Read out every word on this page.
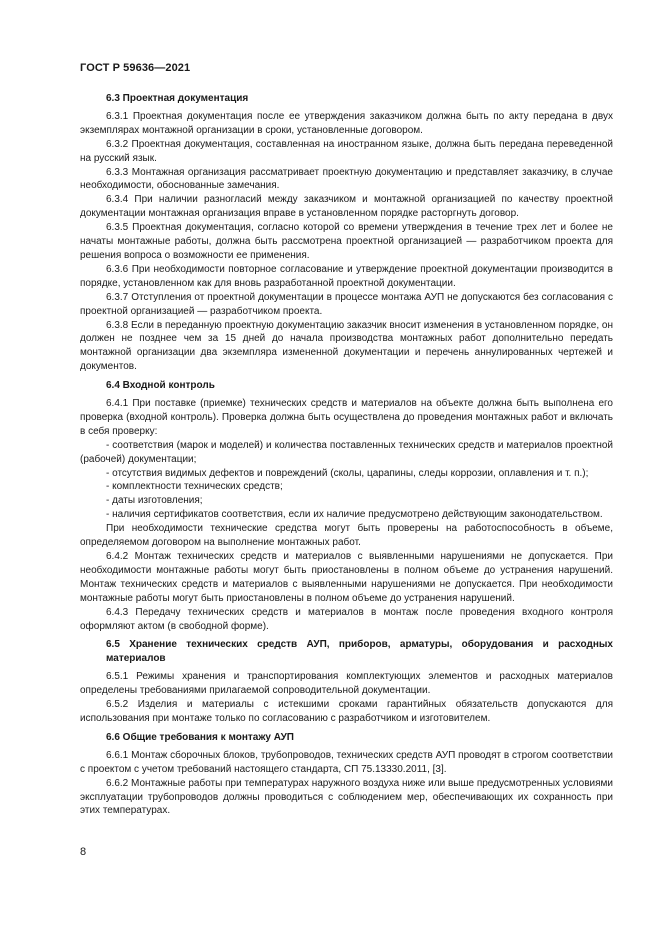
ГОСТ Р 59636—2021

6.3 Проектная документация

6.3.1 Проектная документация после ее утверждения заказчиком должна быть по акту передана в двух экземплярах монтажной организации в сроки, установленные договором.

6.3.2 Проектная документация, составленная на иностранном языке, должна быть передана переведенной на русский язык.

6.3.3 Монтажная организация рассматривает проектную документацию и представляет заказчику, в случае необходимости, обоснованные замечания.

6.3.4 При наличии разногласий между заказчиком и монтажной организацией по качеству проектной документации монтажная организация вправе в установленном порядке расторгнуть договор.

6.3.5 Проектная документация, согласно которой со времени утверждения в течение трех лет и более не начаты монтажные работы, должна быть рассмотрена проектной организацией — разработчиком проекта для решения вопроса о возможности ее применения.

6.3.6 При необходимости повторное согласование и утверждение проектной документации производится в порядке, установленном как для вновь разработанной проектной документации.

6.3.7 Отступления от проектной документации в процессе монтажа АУП не допускаются без согласования с проектной организацией — разработчиком проекта.

6.3.8 Если в переданную проектную документацию заказчик вносит изменения в установленном порядке, он должен не позднее чем за 15 дней до начала производства монтажных работ дополнительно передать монтажной организации два экземпляра измененной документации и перечень аннулированных чертежей и документов.

6.4 Входной контроль

6.4.1 При поставке (приемке) технических средств и материалов на объекте должна быть выполнена его проверка (входной контроль). Проверка должна быть осуществлена до проведения монтажных работ и включать в себя проверку:

- соответствия (марок и моделей) и количества поставленных технических средств и материалов проектной (рабочей) документации;

- отсутствия видимых дефектов и повреждений (сколы, царапины, следы коррозии, оплавления и т. п.);

- комплектности технических средств;

- даты изготовления;

- наличия сертификатов соответствия, если их наличие предусмотрено действующим законодательством.

При необходимости технические средства могут быть проверены на работоспособность в объеме, определяемом договором на выполнение монтажных работ.

6.4.2 Монтаж технических средств и материалов с выявленными нарушениями не допускается. При необходимости монтажные работы могут быть приостановлены в полном объеме до устранения нарушений. Монтаж технических средств и материалов с выявленными нарушениями не допускается. При необходимости монтажные работы могут быть приостановлены в полном объеме до устранения нарушений.

6.4.3 Передачу технических средств и материалов в монтаж после проведения входного контроля оформляют актом (в свободной форме).

6.5 Хранение технических средств АУП, приборов, арматуры, оборудования и расходных материалов

6.5.1 Режимы хранения и транспортирования комплектующих элементов и расходных материалов определены требованиями прилагаемой сопроводительной документации.

6.5.2 Изделия и материалы с истекшими сроками гарантийных обязательств допускаются для использования при монтаже только по согласованию с разработчиком и изготовителем.

6.6 Общие требования к монтажу АУП

6.6.1 Монтаж сборочных блоков, трубопроводов, технических средств АУП проводят в строгом соответствии с проектом с учетом требований настоящего стандарта, СП 75.13330.2011, [3].

6.6.2 Монтажные работы при температурах наружного воздуха ниже или выше предусмотренных условиями эксплуатации трубопроводов должны проводиться с соблюдением мер, обеспечивающих их сохранность при этих температурах.

8
